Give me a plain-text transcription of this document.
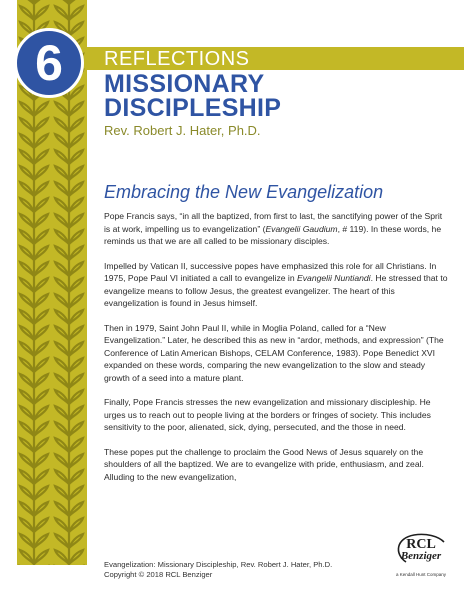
6	REFLECTIONS
MISSIONARY
DISCIPLESHIP
Rev. Robert J. Hater, Ph.D.
Embracing the New Evangelization

Pope Francis says, “in all the baptized, from first to last, the sanctifying power of the Sprit is at work, impelling us to evangelization” (Evangelii Gaudium, # 119). In these words, he reminds us that we are all called to be missionary disciples.

Impelled by Vatican II, successive popes have emphasized this role for all Christians. In 1975, Pope Paul VI initiated a call to evangelize in Evangelii Nuntiandi. He stressed that to evangelize means to follow Jesus, the greatest evangelizer. The heart of this evangelization is found in Jesus himself.

Then in 1979, Saint John Paul II, while in Moglia Poland, called for a “New Evangelization.” Later, he described this as new in “ardor, methods, and expression” (The Conference of Latin American Bishops, CELAM Conference, 1983). Pope Benedict XVI expanded on these words, comparing the new evangelization to the slow and steady growth of a seed into a mature plant.

Finally, Pope Francis stresses the new evangelization and missionary discipleship. He urges us to reach out to people living at the borders or fringes of society. This includes sensitivity to the poor, alienated, sick, dying, persecuted, and the those in need.

These popes put the challenge to proclaim the Good News of Jesus squarely on the shoulders of all the baptized. We are to evangelize with pride, enthusiasm, and zeal. Alluding to the new evangelization,

Evangelization: Missionary Discipleship, Rev. Robert J. Hater, Ph.D.
Copyright © 2018 RCL Benziger
RCL
Benziger
a Kendall Hunt Company
